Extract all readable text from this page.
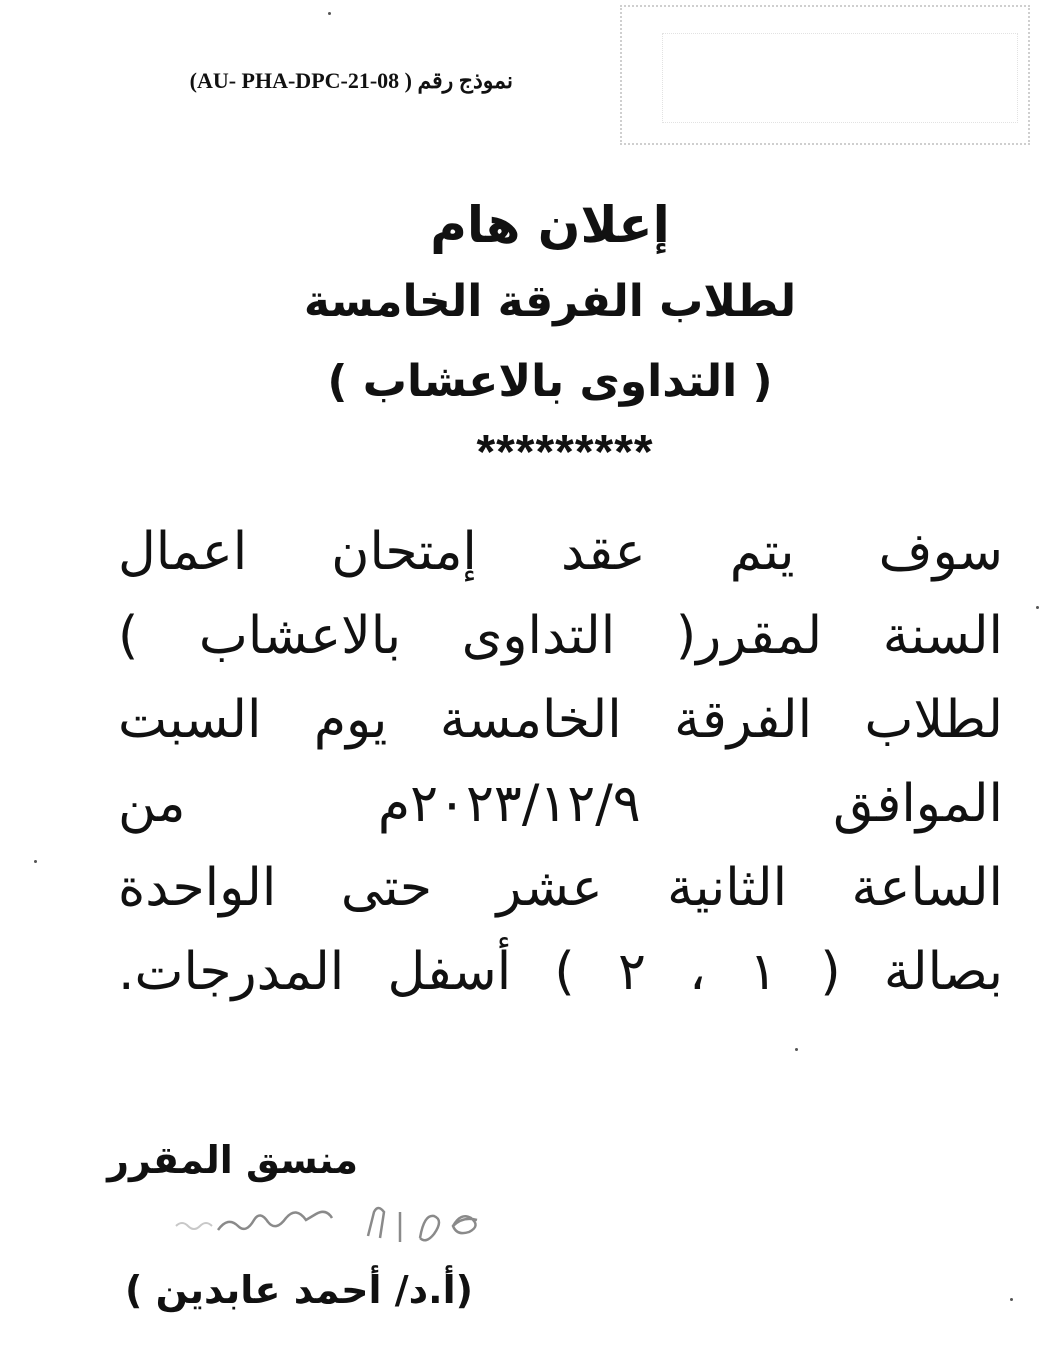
نموذج رقم ( AU- PHA-DPC-21-08)
إعلان هام
لطلاب الفرقة الخامسة
( التداوى بالاعشاب )
*********
سوف يتم عقد إمتحان اعمال
السنة لمقرر( التداوى بالاعشاب )
لطلاب الفرقة الخامسة يوم السبت
الموافق ٢٠٢٣/١٢/٩م من
الساعة الثانية عشر حتى الواحدة
بصالة ( ١ ، ٢ ) أسفل المدرجات.
منسق المقرر
(أ.د/ أحمد عابدين )
